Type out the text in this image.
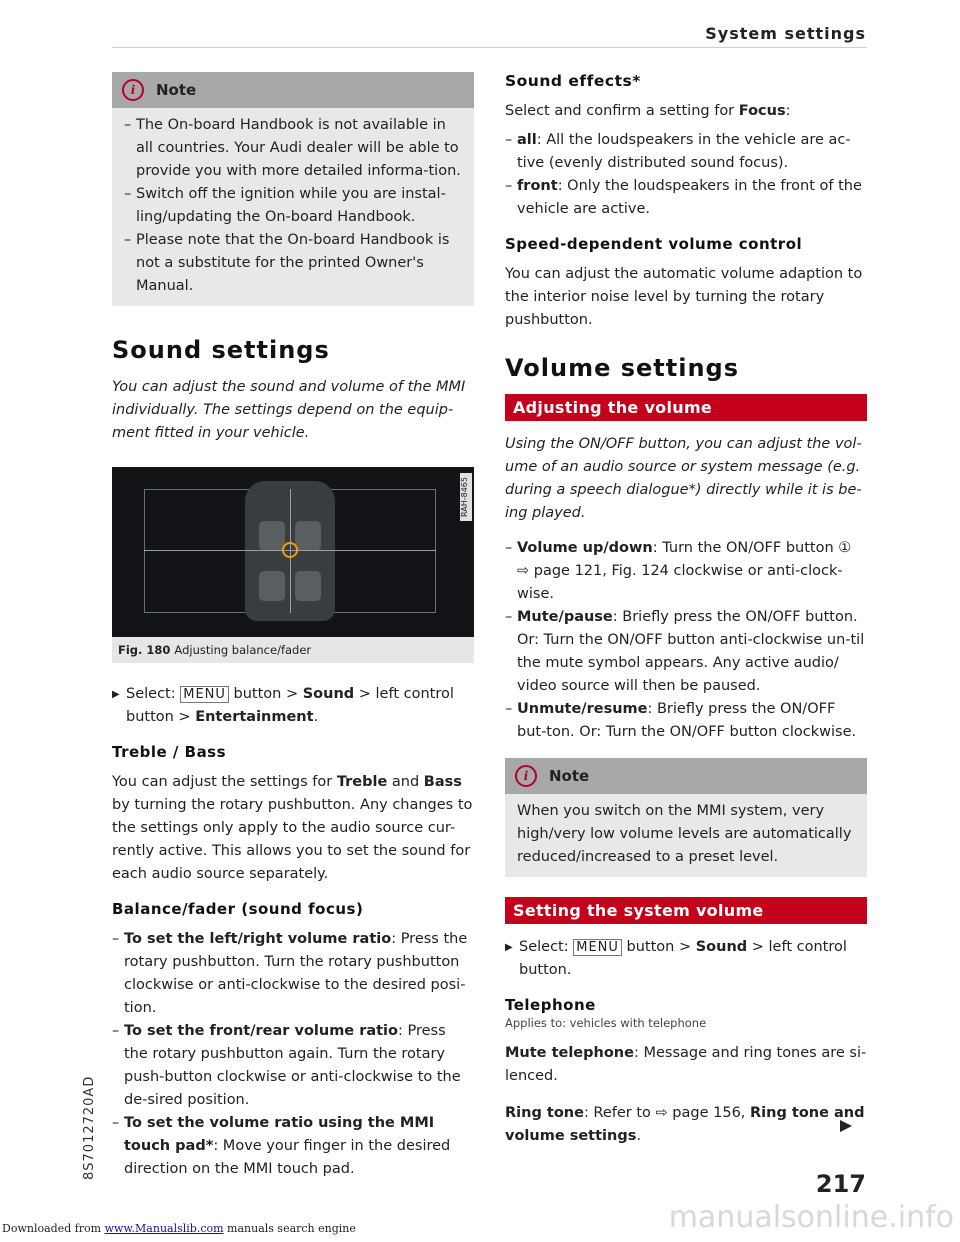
System settings
i	Note
– The On-board Handbook is not available in all countries. Your Audi dealer will be able to provide you with more detailed informa-tion.
– Switch off the ignition while you are instal-ling/updating the On-board Handbook.
– Please note that the On-board Handbook is not a substitute for the printed Owner's Manual.
Sound settings

You can adjust the sound and volume of the MMI individually. The settings depend on the equip-ment fitted in your vehicle.

RAH-8465
Fig. 180 Adjusting balance/fader
▶ Select: MENU button > Sound > left control button > Entertainment.
Treble / Bass

You can adjust the settings for Treble and Bass by turning the rotary pushbutton. Any changes to the settings only apply to the audio source cur-rently active. This allows you to set the sound for each audio source separately.

Balance/fader (sound focus)
– To set the left/right volume ratio: Press the rotary pushbutton. Turn the rotary pushbutton clockwise or anti-clockwise to the desired posi-tion.
– To set the front/rear volume ratio: Press the rotary pushbutton again. Turn the rotary push-button clockwise or anti-clockwise to the de-sired position.
– To set the volume ratio using the MMI touch pad*: Move your finger in the desired direction on the MMI touch pad.
Sound effects*

Select and confirm a setting for Focus:

– all: All the loudspeakers in the vehicle are ac-tive (evenly distributed sound focus).
– front: Only the loudspeakers in the front of the vehicle are active.
Speed-dependent volume control

You can adjust the automatic volume adaption to the interior noise level by turning the rotary pushbutton.

Volume settings
Adjusting the volume

Using the ON/OFF button, you can adjust the vol-ume of an audio source or system message (e.g. during a speech dialogue*) directly while it is be-ing played.

– Volume up/down: Turn the ON/OFF button ① ⇨ page 121, Fig. 124 clockwise or anti-clock-wise.
– Mute/pause: Briefly press the ON/OFF button. Or: Turn the ON/OFF button anti-clockwise un-til the mute symbol appears. Any active audio/ video source will then be paused.
– Unmute/resume: Briefly press the ON/OFF but-ton. Or: Turn the ON/OFF button clockwise.
i	Note

When you switch on the MMI system, very high/very low volume levels are automatically reduced/increased to a preset level.

Setting the system volume
▶ Select: MENU button > Sound > left control button.
Telephone
Applies to: vehicles with telephone

Mute telephone: Message and ring tones are si-lenced.

Ring tone: Refer to ⇨ page 156, Ring tone and volume settings.

217
8S7012720AD
manualsonline.info
Downloaded from www.Manualslib.com manuals search engine
